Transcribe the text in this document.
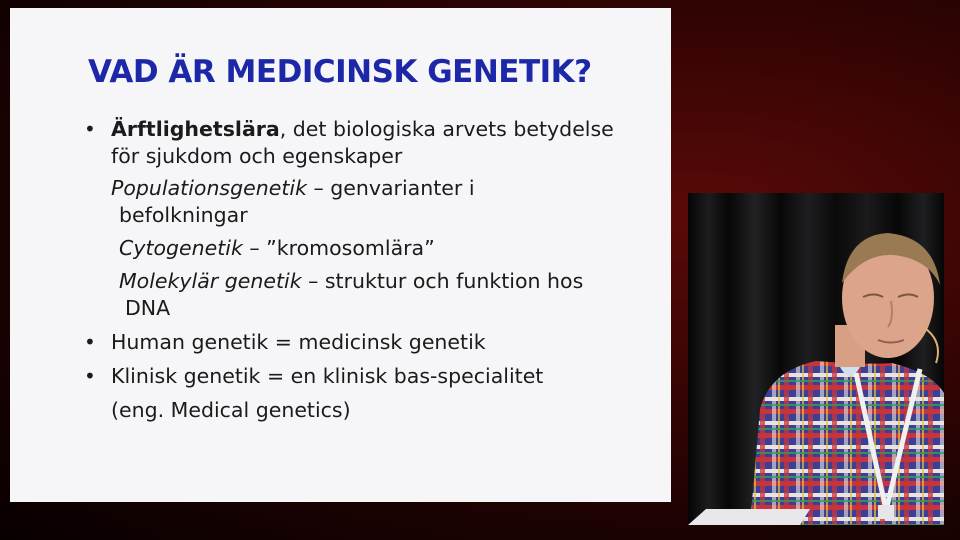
VAD ÄR MEDICINSK GENETIK?
• Ärftlighetslära, det biologiska arvets betydelse
för sjukdom och egenskaper
Populationsgenetik – genvarianter i
befolkningar
Cytogenetik – ”kromosomlära”
Molekylär genetik – struktur och funktion hos
DNA
• Human genetik = medicinsk genetik
• Klinisk genetik = en klinisk bas-specialitet
(eng. Medical genetics)
